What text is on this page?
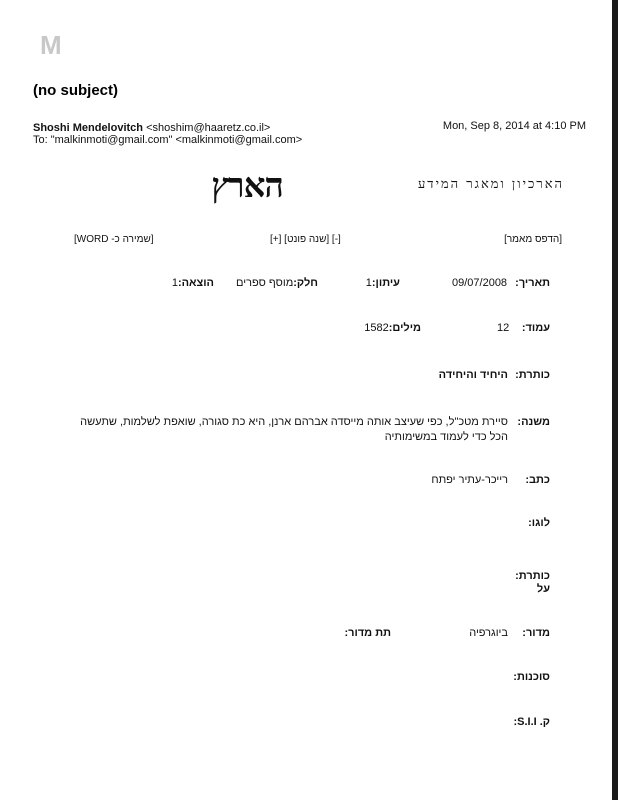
M
(no subject)
Shoshi Mendelovitch <shoshim@haaretz.co.il>
To: "malkinmoti@gmail.com" <malkinmoti@gmail.com>
Mon, Sep 8, 2014 at 4:10 PM
הארץ	הארכיון ומאגר המידע
[הדפס מאמר]
[-] [שנה פונט] [+]
[שמירה כ- WORD]
תאריך:
09/07/2008
עיתון:1
חלק:מוסף ספרים
הוצאה:1
עמוד:
12
מילים:1582
כותרת:
היחיד והיחידה
משנה:
סיירת מטכ"ל, כפי שעיצב אותה מייסדה אברהם ארנן, היא כת סגורה, שואפת לשלמות, שתעשה
הכל כדי לעמוד במשימותיה
כתב:
רייכר-עתיר יפתח
לוגו:
כותרת:
על
מדור:
ביוגרפיה
תת מדור:
סוכנות:
ק. S.I.I:
